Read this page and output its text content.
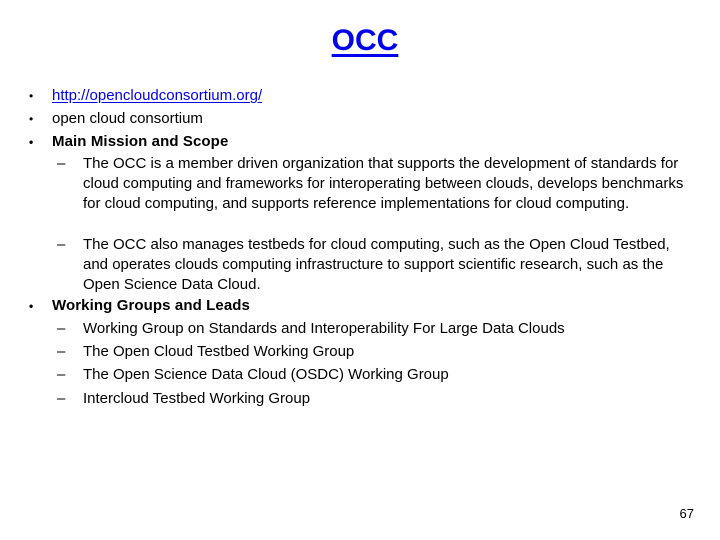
OCC
• http://opencloudconsortium.org/
• open cloud consortium
• Main Mission and Scope
– The OCC is a member driven organization that supports the development of standards for cloud computing and frameworks for interoperating between clouds, develops benchmarks for cloud computing, and supports reference implementations for cloud computing.
– The OCC also manages testbeds for cloud computing, such as the Open Cloud Testbed, and operates clouds computing infrastructure to support scientific research, such as the Open Science Data Cloud.
• Working Groups and Leads
– Working Group on Standards and Interoperability For Large Data Clouds
– The Open Cloud Testbed Working Group
– The Open Science Data Cloud (OSDC) Working Group
– Intercloud Testbed Working Group
67
